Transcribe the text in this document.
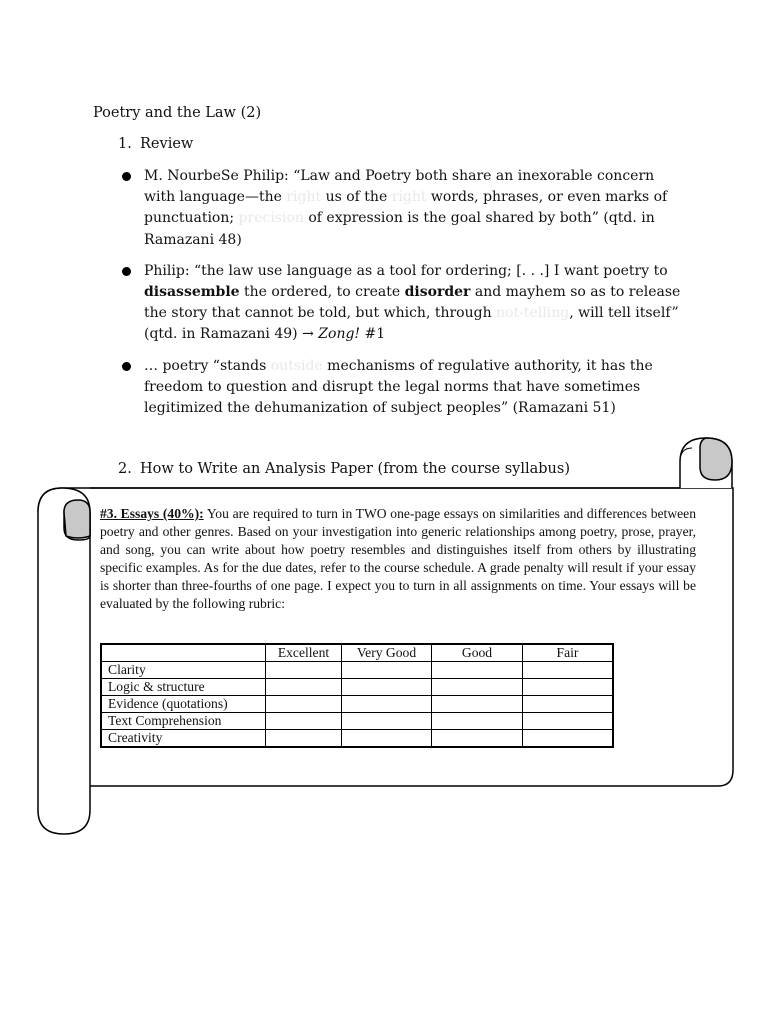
Poetry and the Law (2)
1. Review
M. NourbeSe Philip: “Law and Poetry both share an inexorable concern with language—the right us of the right words, phrases, or even marks of punctuation; precision of expression is the goal shared by both” (qtd. in Ramazani 48)
Philip: “the law use language as a tool for ordering; [. . .] I want poetry to disassemble the ordered, to create disorder and mayhem so as to release the story that cannot be told, but which, through not-telling, will tell itself” (qtd. in Ramazani 49) → Zong! #1
… poetry “stands outside mechanisms of regulative authority, it has the freedom to question and disrupt the legal norms that have sometimes legitimized the dehumanization of subject peoples” (Ramazani 51)
2. How to Write an Analysis Paper (from the course syllabus)
#3. Essays (40%): You are required to turn in TWO one-page essays on similarities and differences between poetry and other genres. Based on your investigation into generic relationships among poetry, prose, prayer, and song, you can write about how poetry resembles and distinguishes itself from others by illustrating specific examples. As for the due dates, refer to the course schedule. A grade penalty will result if your essay is shorter than three-fourths of one page. I expect you to turn in all assignments on time. Your essays will be evaluated by the following rubric:
	Excellent	Very Good	Good	Fair
Clarity				
Logic & structure				
Evidence (quotations)				
Text Comprehension				
Creativity				
